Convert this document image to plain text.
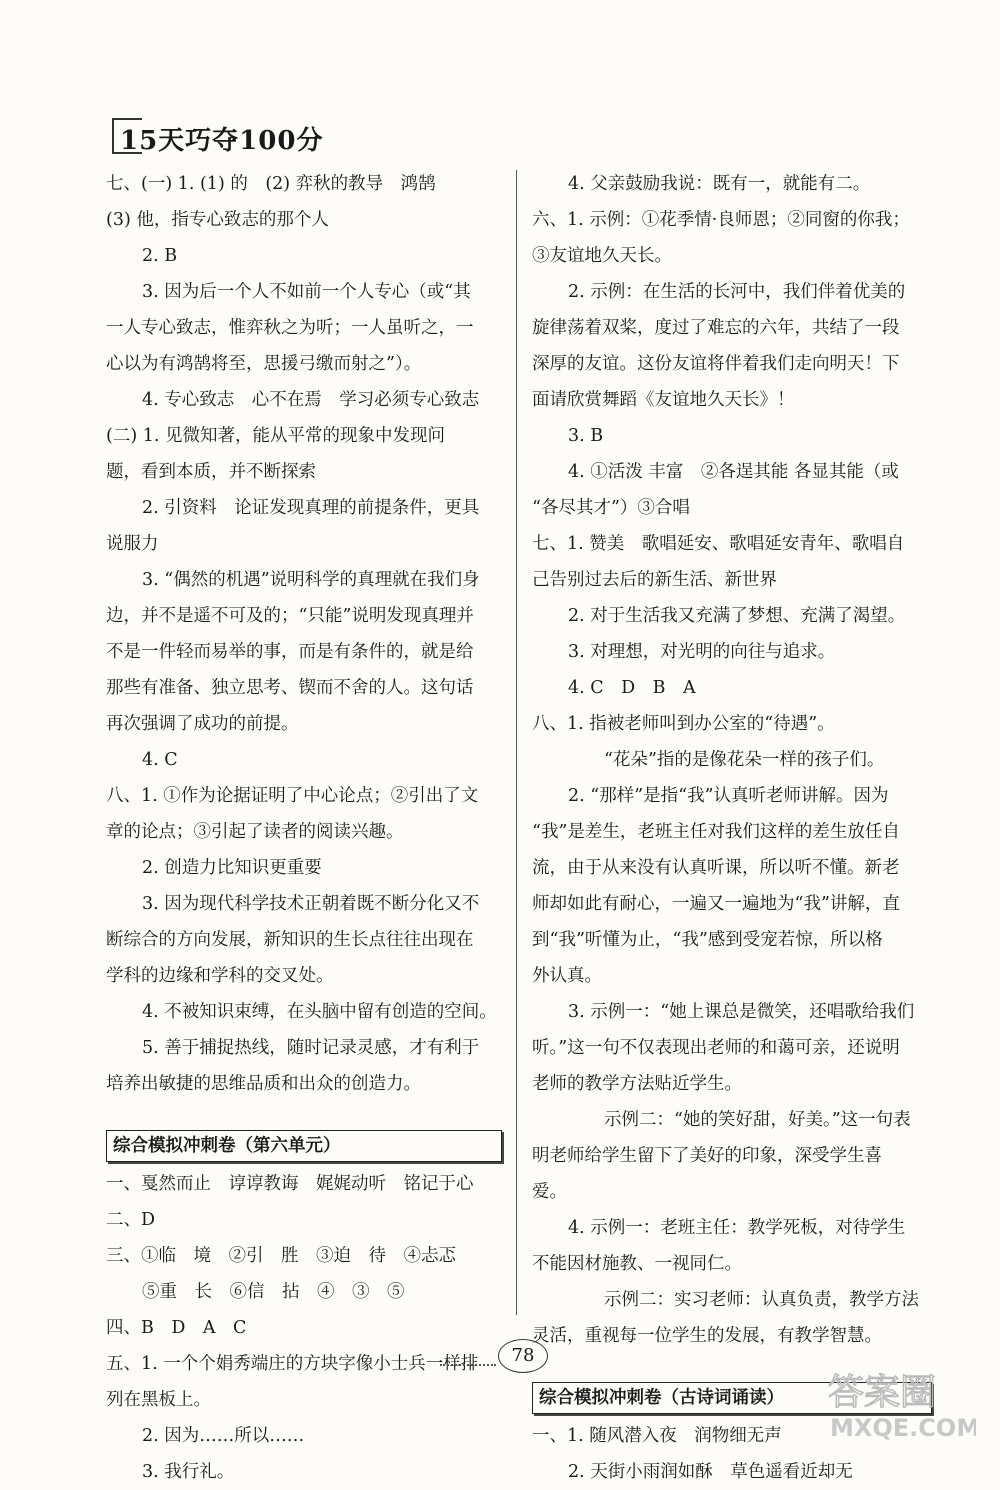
15天巧夺100分
七、(一) 1. (1) 的　(2) 弈秋的教导　鸿鹄
(3) 他，指专心致志的那个人
2. B
3. 因为后一个人不如前一个人专心（或“其
一人专心致志，惟弈秋之为听；一人虽听之，一
心以为有鸿鹄将至，思援弓缴而射之”）。
4. 专心致志　心不在焉　学习必须专心致志
(二) 1. 见微知著，能从平常的现象中发现问
题，看到本质，并不断探索
2. 引资料　论证发现真理的前提条件，更具
说服力
3. “偶然的机遇”说明科学的真理就在我们身
边，并不是遥不可及的；“只能”说明发现真理并
不是一件轻而易举的事，而是有条件的，就是给
那些有准备、独立思考、锲而不舍的人。这句话
再次强调了成功的前提。
4. C
八、1. ①作为论据证明了中心论点；②引出了文
章的论点；③引起了读者的阅读兴趣。
2. 创造力比知识更重要
3. 因为现代科学技术正朝着既不断分化又不
断综合的方向发展，新知识的生长点往往出现在
学科的边缘和学科的交叉处。
4. 不被知识束缚，在头脑中留有创造的空间。
5. 善于捕捉热线，随时记录灵感，才有利于
培养出敏捷的思维品质和出众的创造力。
综合模拟冲刺卷（第六单元）
一、戛然而止　谆谆教诲　娓娓动听　铭记于心
二、D
三、①临　境　②引　胜　③迫　待　④忐忑
⑤重　长　⑥信　拈　④　③　⑤
四、B　D　A　C
五、1. 一个个娟秀端庄的方块字像小士兵一样排
列在黑板上。
2. 因为……所以……
3. 我行礼。
4. 父亲鼓励我说：既有一，就能有二。
六、1. 示例：①花季情·良师恩；②同窗的你我；
③友谊地久天长。
2. 示例：在生活的长河中，我们伴着优美的
旋律荡着双桨，度过了难忘的六年，共结了一段
深厚的友谊。这份友谊将伴着我们走向明天！下
面请欣赏舞蹈《友谊地久天长》！
3. B
4. ①活泼 丰富　②各逞其能 各显其能（或
“各尽其才”）③合唱
七、1. 赞美　歌唱延安、歌唱延安青年、歌唱自
己告别过去后的新生活、新世界
2. 对于生活我又充满了梦想、充满了渴望。
3. 对理想，对光明的向往与追求。
4. C　D　B　A
八、1. 指被老师叫到办公室的“待遇”。
“花朵”指的是像花朵一样的孩子们。
2. “那样”是指“我”认真听老师讲解。因为
“我”是差生，老班主任对我们这样的差生放任自
流，由于从来没有认真听课，所以听不懂。新老
师却如此有耐心，一遍又一遍地为“我”讲解，直
到“我”听懂为止，“我”感到受宠若惊，所以格
外认真。
3. 示例一：“她上课总是微笑，还唱歌给我们
听。”这一句不仅表现出老师的和蔼可亲，还说明
老师的教学方法贴近学生。
示例二：“她的笑好甜，好美。”这一句表
明老师给学生留下了美好的印象，深受学生喜
爱。
4. 示例一：老班主任：教学死板，对待学生
不能因材施教、一视同仁。
示例二：实习老师：认真负责，教学方法
灵活，重视每一位学生的发展，有教学智慧。
综合模拟冲刺卷（古诗词诵读）
一、1. 随风潜入夜　润物细无声
2. 天街小雨润如酥　草色遥看近却无
78
答案圈
MXQE.COM
